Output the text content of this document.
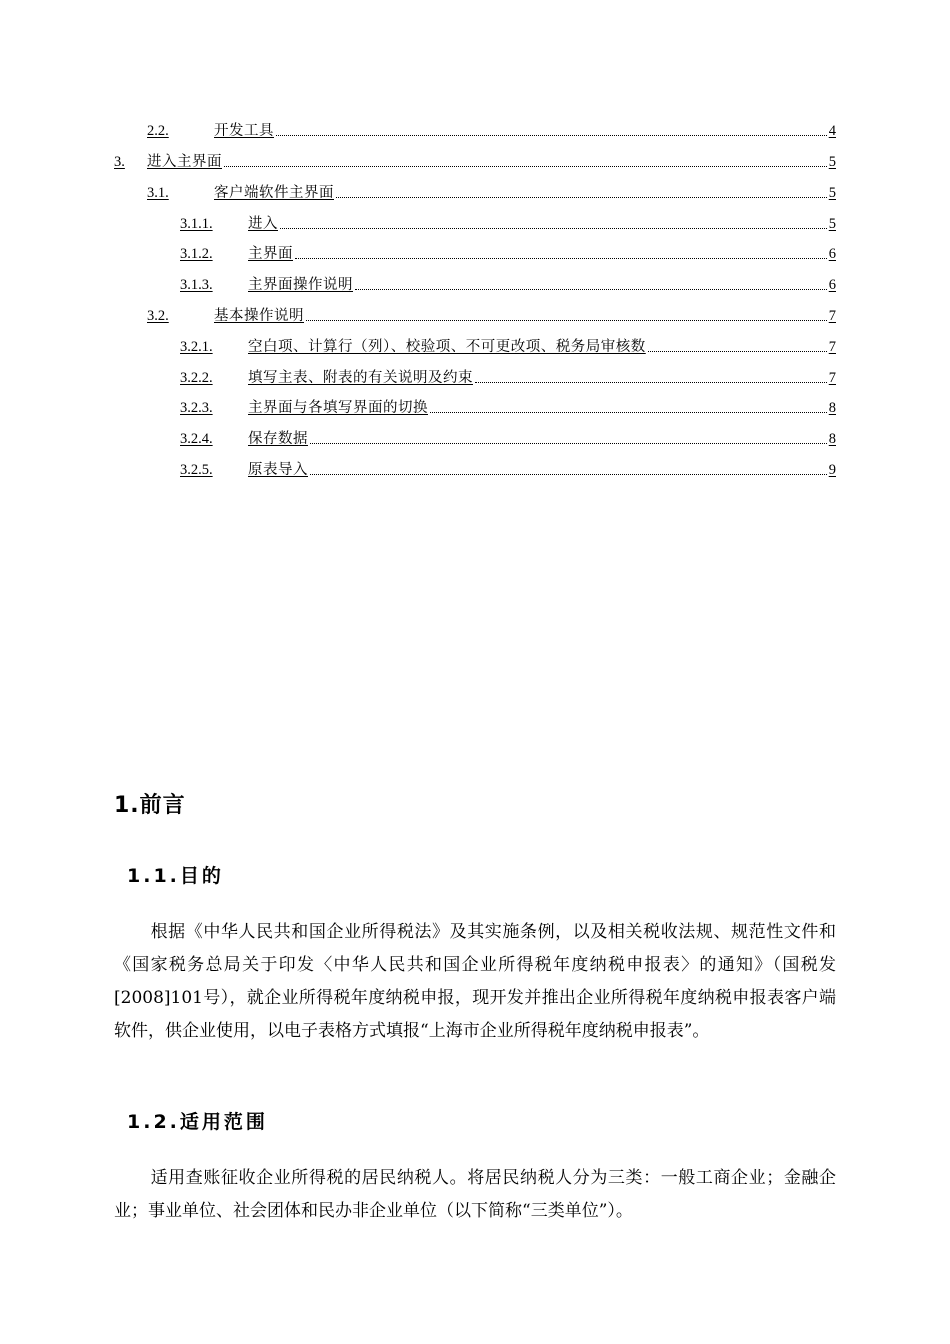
2.2.	开发工具	4
3.	进入主界面	5
3.1.	客户端软件主界面	5
3.1.1.	进入	5
3.1.2.	主界面	6
3.1.3.	主界面操作说明	6
3.2.	基本操作说明	7
3.2.1.	空白项、计算行（列）、校验项、不可更改项、税务局审核数	7
3.2.2.	填写主表、附表的有关说明及约束	7
3.2.3.	主界面与各填写界面的切换	8
3.2.4.	保存数据	8
3.2.5.	原表导入	9
1.前言
1.1.目的
根据《中华人民共和国企业所得税法》及其实施条例，以及相关税收法规、规范性文件和《国家税务总局关于印发〈中华人民共和国企业所得税年度纳税申报表〉的通知》（国税发[2008]101号），就企业所得税年度纳税申报，现开发并推出企业所得税年度纳税申报表客户端软件，供企业使用，以电子表格方式填报“上海市企业所得税年度纳税申报表”。
1.2.适用范围
适用查账征收企业所得税的居民纳税人。将居民纳税人分为三类：一般工商企业；金融企业；事业单位、社会团体和民办非企业单位（以下简称“三类单位”）。
